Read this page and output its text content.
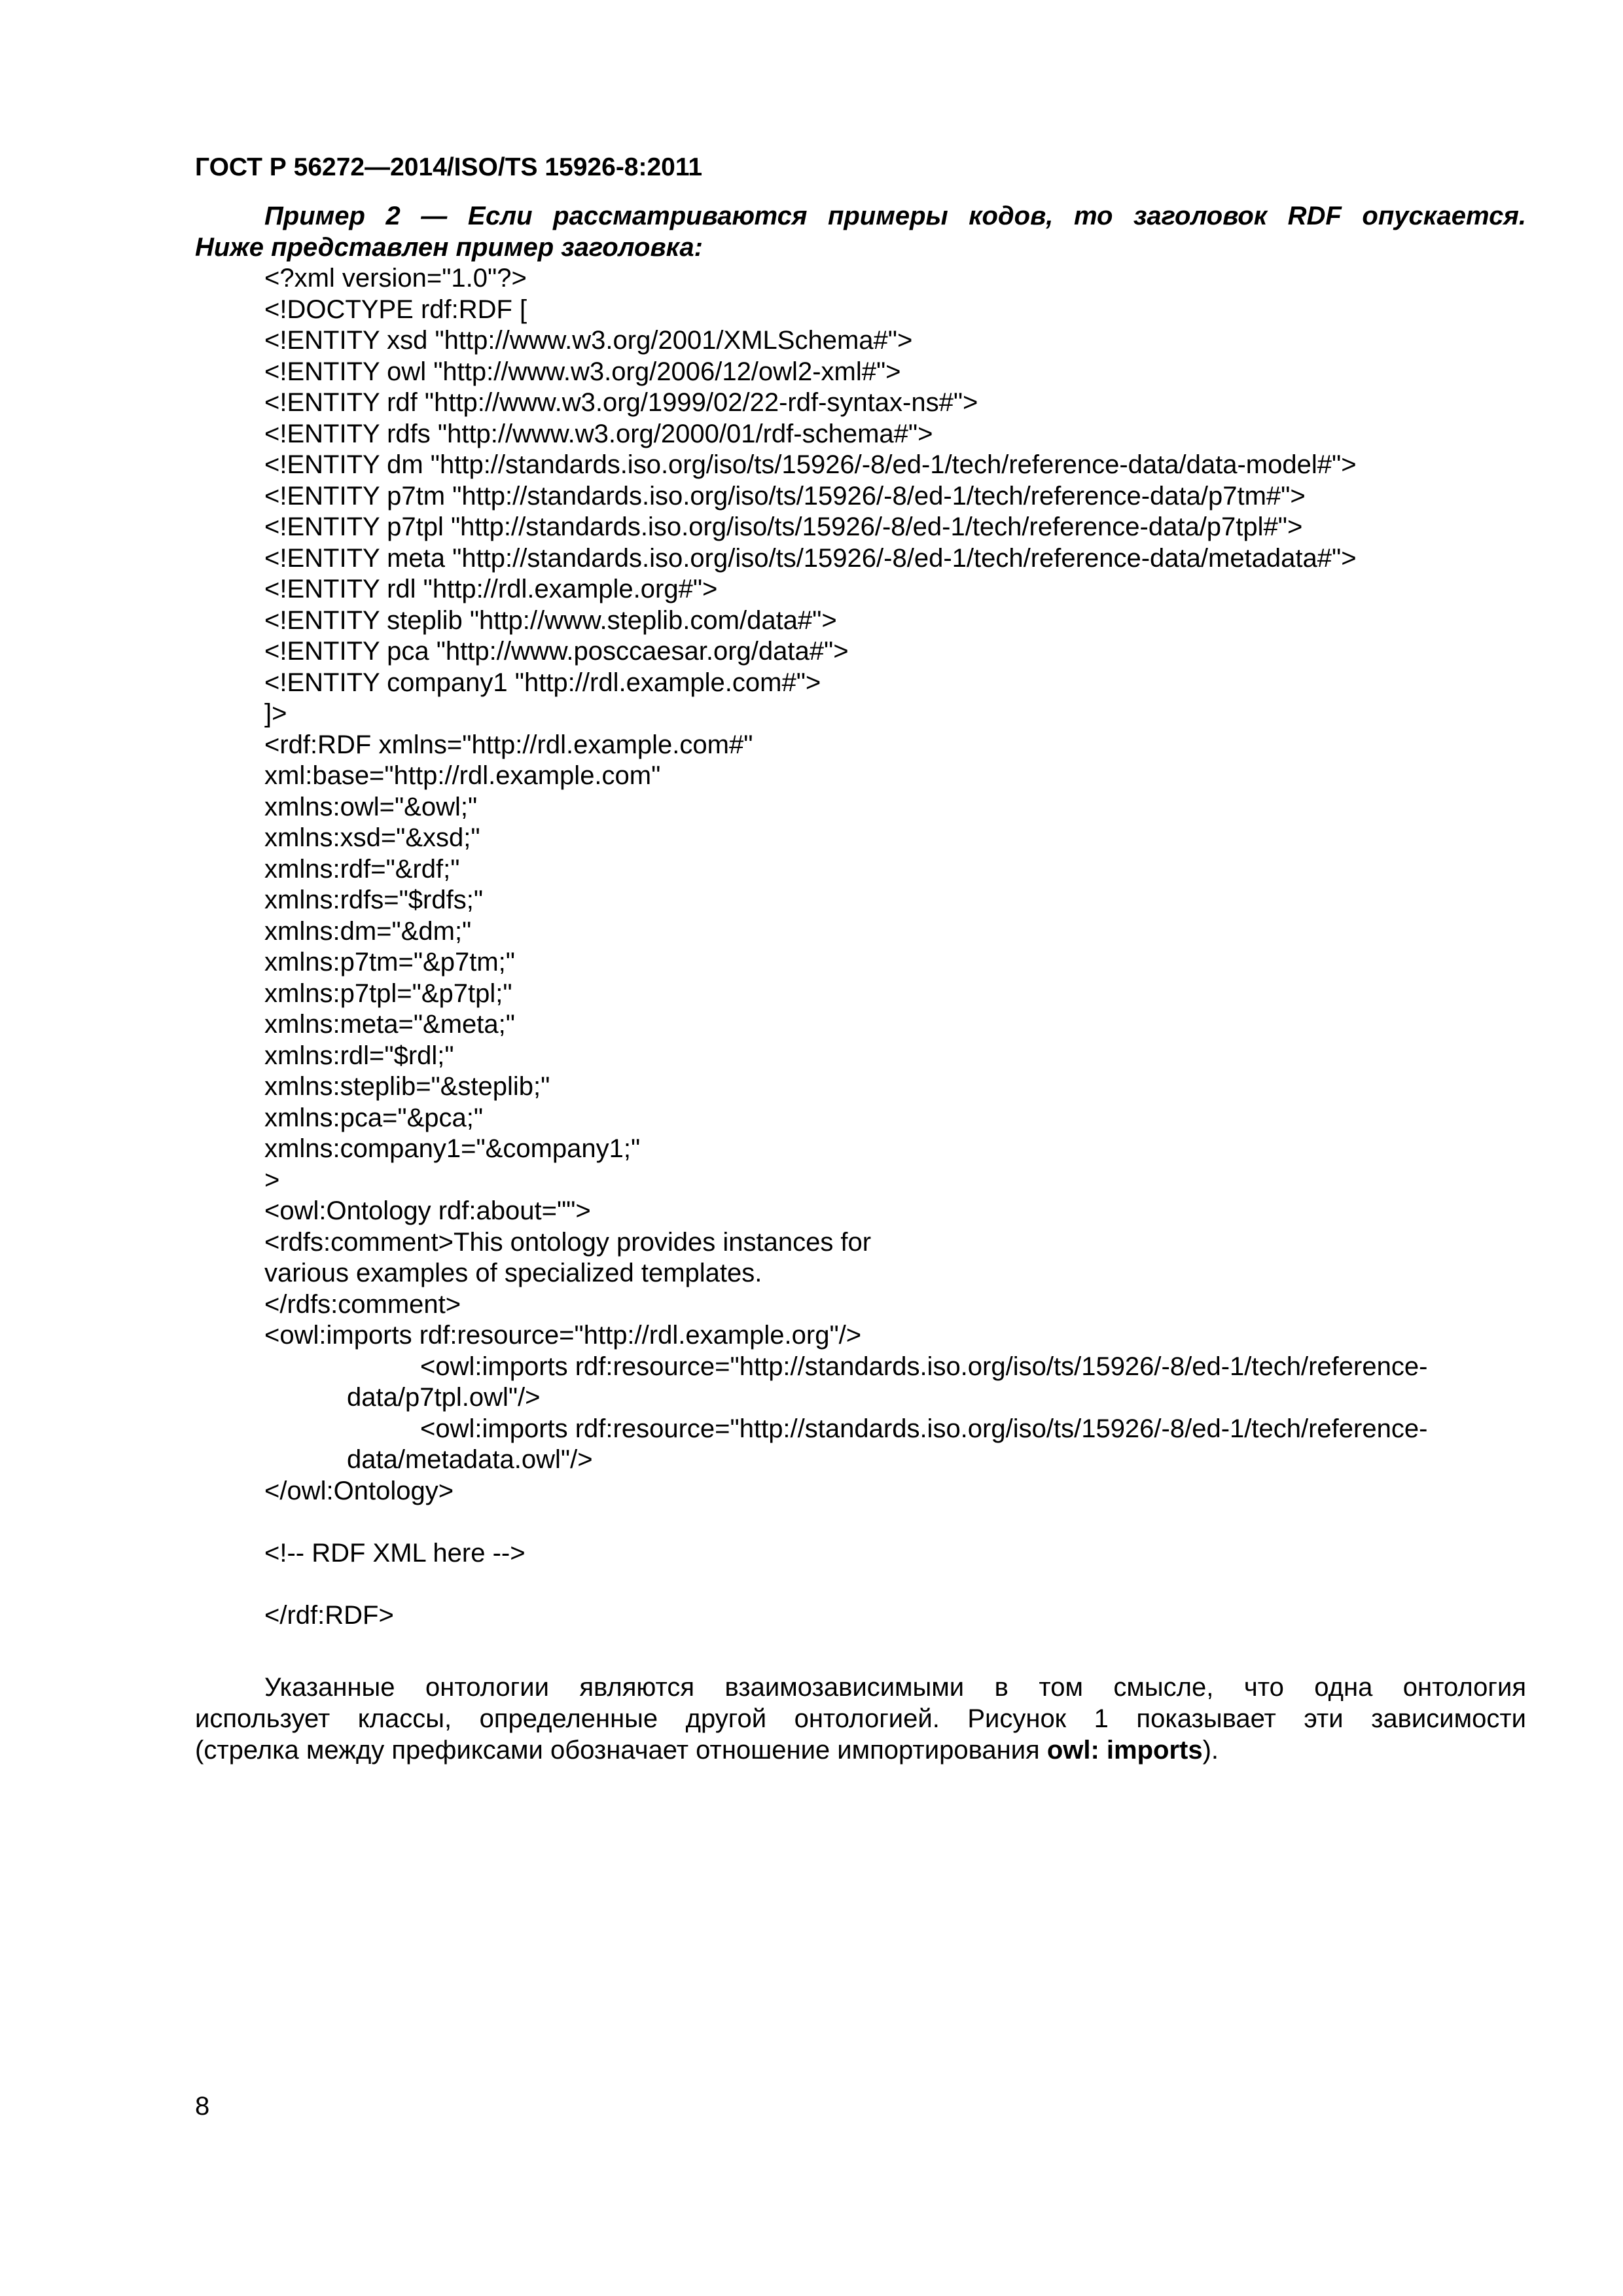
ГОСТ Р 56272—2014/ISO/TS 15926-8:2011
Пример 2 — Если рассматриваются примеры кодов, то заголовок RDF опускается.
Ниже представлен пример заголовка:
<?xml version="1.0"?>
<!DOCTYPE rdf:RDF [
<!ENTITY xsd "http://www.w3.org/2001/XMLSchema#">
<!ENTITY owl "http://www.w3.org/2006/12/owl2-xml#">
<!ENTITY rdf "http://www.w3.org/1999/02/22-rdf-syntax-ns#">
<!ENTITY rdfs "http://www.w3.org/2000/01/rdf-schema#">
<!ENTITY dm "http://standards.iso.org/iso/ts/15926/-8/ed-1/tech/reference-data/data-model#">
<!ENTITY p7tm "http://standards.iso.org/iso/ts/15926/-8/ed-1/tech/reference-data/p7tm#">
<!ENTITY p7tpl "http://standards.iso.org/iso/ts/15926/-8/ed-1/tech/reference-data/p7tpl#">
<!ENTITY meta "http://standards.iso.org/iso/ts/15926/-8/ed-1/tech/reference-data/metadata#">
<!ENTITY rdl "http://rdl.example.org#">
<!ENTITY steplib "http://www.steplib.com/data#">
<!ENTITY pca "http://www.posccaesar.org/data#">
<!ENTITY company1 "http://rdl.example.com#">
]>
<rdf:RDF xmlns="http://rdl.example.com#"
xml:base="http://rdl.example.com"
xmlns:owl="&owl;"
xmlns:xsd="&xsd;"
xmlns:rdf="&rdf;"
xmlns:rdfs="$rdfs;"
xmlns:dm="&dm;"
xmlns:p7tm="&p7tm;"
xmlns:p7tpl="&p7tpl;"
xmlns:meta="&meta;"
xmlns:rdl="$rdl;"
xmlns:steplib="&steplib;"
xmlns:pca="&pca;"
xmlns:company1="&company1;"
>
<owl:Ontology rdf:about="">
<rdfs:comment>This ontology provides instances for
various examples of specialized templates.
</rdfs:comment>
<owl:imports rdf:resource="http://rdl.example.org"/>
<owl:imports rdf:resource="http://standards.iso.org/iso/ts/15926/-8/ed-1/tech/reference-
data/p7tpl.owl"/>
<owl:imports rdf:resource="http://standards.iso.org/iso/ts/15926/-8/ed-1/tech/reference-
data/metadata.owl"/>
</owl:Ontology>
<!-- RDF XML here -->
</rdf:RDF>
Указанные онтологии являются взаимозависимыми в том смысле, что одна онтология
использует классы, определенные другой онтологией. Рисунок 1 показывает эти зависимости
(стрелка между префиксами обозначает отношение импортирования owl: imports).
8
